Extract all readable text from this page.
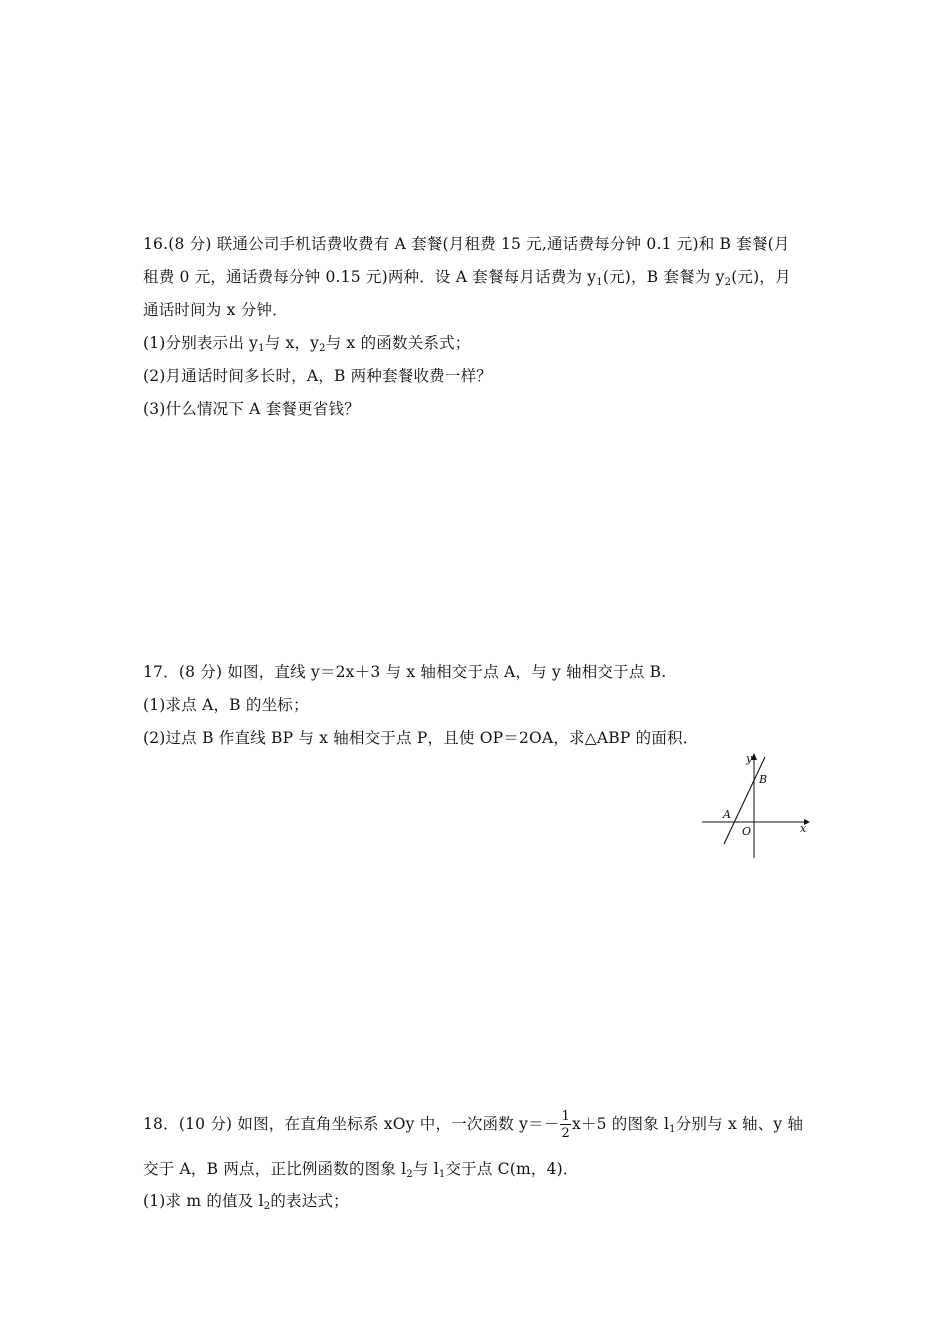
16.(8 分) 联通公司手机话费收费有 A 套餐(月租费 15 元,通话费每分钟 0.1 元)和 B 套餐(月
租费 0 元，通话费每分钟 0.15 元)两种．设 A 套餐每月话费为 $y_1$(元)，B 套餐为 $y_2$(元)，月
通话时间为 x 分钟．
(1)分别表示出 $y_1$与 x，$y_2$与 x 的函数关系式；
(2)月通话时间多长时，A，B 两种套餐收费一样？
(3)什么情况下 A 套餐更省钱？
17．(8 分) 如图，直线 y＝2x＋3 与 x 轴相交于点 A，与 y 轴相交于点 B.
(1)求点 A，B 的坐标；
(2)过点 B 作直线 BP 与 x 轴相交于点 P，且使 OP＝2OA，求△ABP 的面积．
y
x
B
A
O
18．(10 分) 如图，在直角坐标系 xOy 中，一次函数 $y=- \frac{1}{2} x+5$ 的图象 $l_1$分别与 x 轴、y 轴
交于 A，B 两点，正比例函数的图象 $l_2$与 $l_1$交于点 C(m，4)．
(1)求 m 的值及 $l_2$的表达式；
